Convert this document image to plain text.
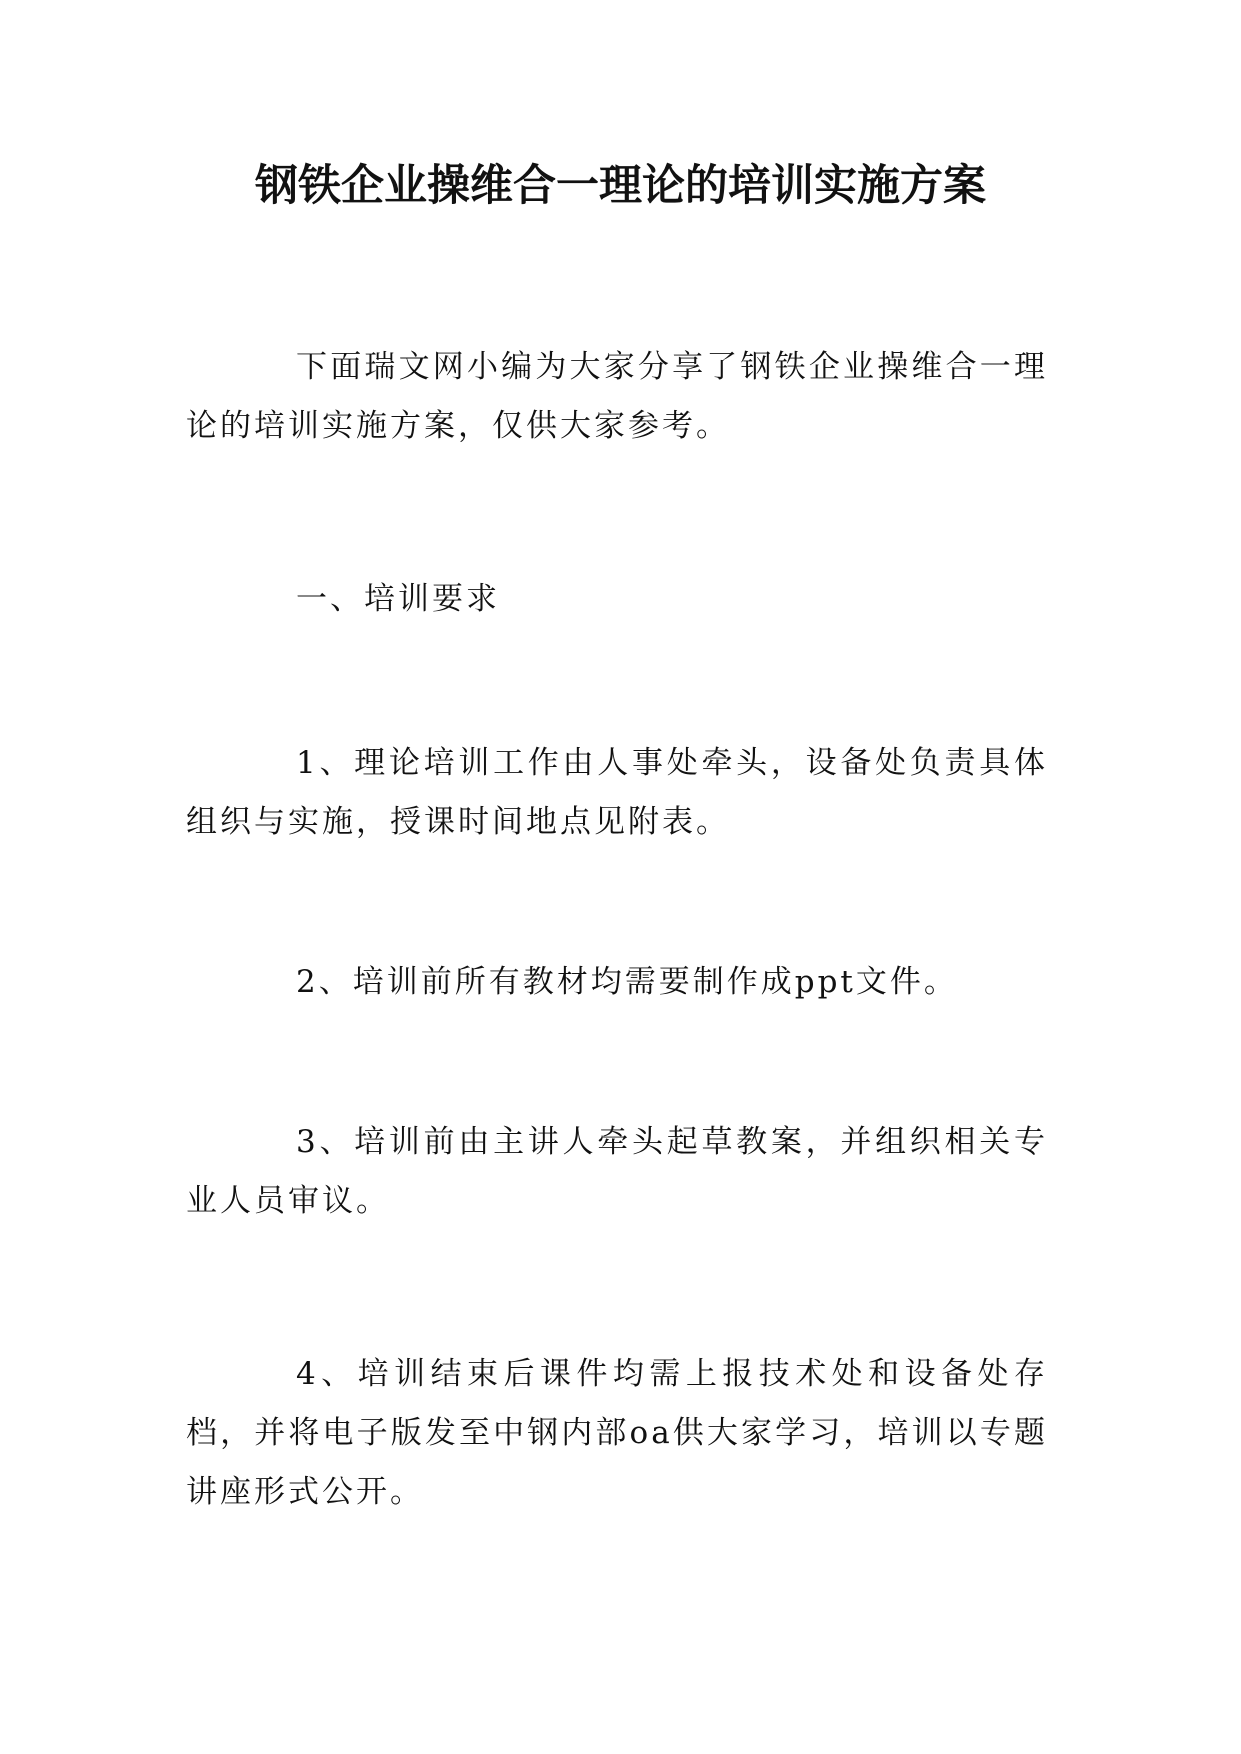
钢铁企业操维合一理论的培训实施方案

下面瑞文网小编为大家分享了钢铁企业操维合一理论的培训实施方案，仅供大家参考。

一、培训要求

1、理论培训工作由人事处牵头，设备处负责具体组织与实施，授课时间地点见附表。

2、培训前所有教材均需要制作成ppt文件。

3、培训前由主讲人牵头起草教案，并组织相关专业人员审议。

4、培训结束后课件均需上报技术处和设备处存档，并将电子版发至中钢内部oa供大家学习，培训以专题讲座形式公开。
